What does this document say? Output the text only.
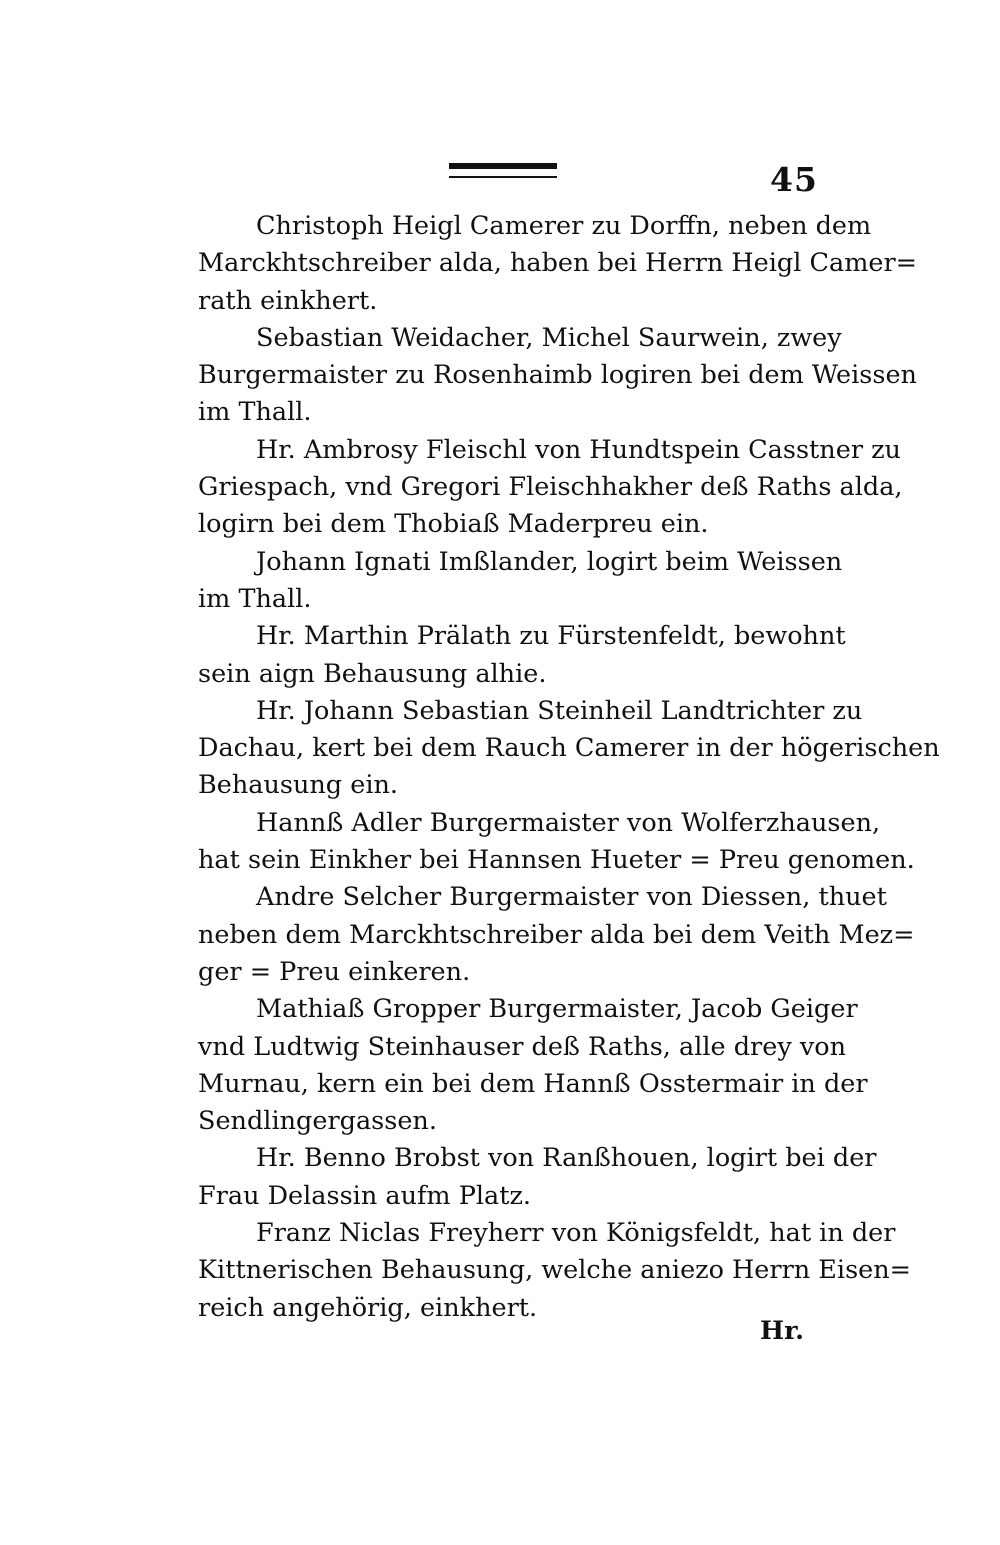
45
Christoph Heigl Camerer zu Dorffn, neben dem
Marckhtschreiber alda, haben bei Herrn Heigl Camer=
rath einkhert.
Sebastian Weidacher, Michel Saurwein, zwey
Burgermaister zu Rosenhaimb logiren bei dem Weissen
im Thall.
Hr. Ambrosy Fleischl von Hundtspein Casstner zu
Griespach, vnd Gregori Fleischhakher deß Raths alda,
logirn bei dem Thobiaß Maderpreu ein.
Johann Ignati Imßlander, logirt beim Weissen
im Thall.
Hr. Marthin Prälath zu Fürstenfeldt, bewohnt
sein aign Behausung alhie.
Hr. Johann Sebastian Steinheil Landtrichter zu
Dachau, kert bei dem Rauch Camerer in der högerischen
Behausung ein.
Hannß Adler Burgermaister von Wolferzhausen,
hat sein Einkher bei Hannsen Hueter = Preu genomen.
Andre Selcher Burgermaister von Diessen, thuet
neben dem Marckhtschreiber alda bei dem Veith Mez=
ger = Preu einkeren.
Mathiaß Gropper Burgermaister, Jacob Geiger
vnd Ludtwig Steinhauser deß Raths, alle drey von
Murnau, kern ein bei dem Hannß Osstermair in der
Sendlingergassen.
Hr. Benno Brobst von Ranßhouen, logirt bei der
Frau Delassin aufm Platz.
Franz Niclas Freyherr von Königsfeldt, hat in der
Kittnerischen Behausung, welche aniezo Herrn Eisen=
reich angehörig, einkhert.
Hr.
